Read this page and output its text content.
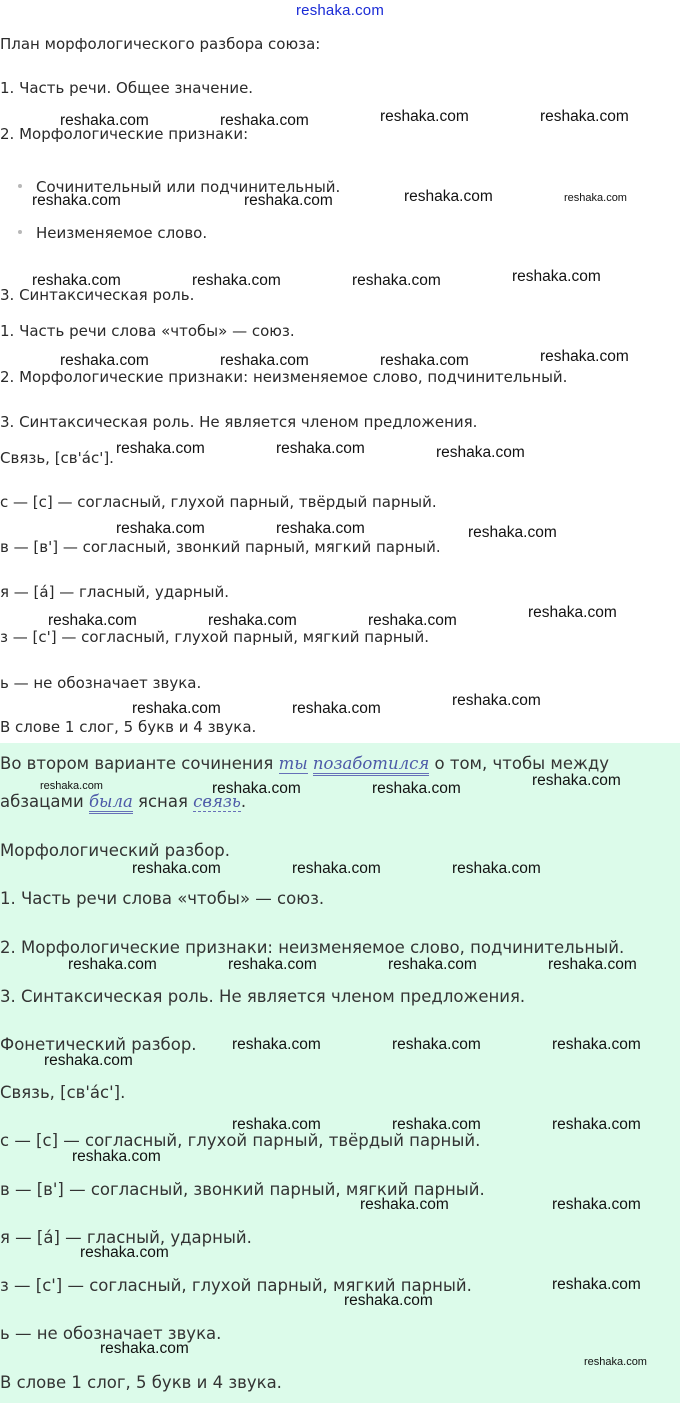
reshaka.com
План морфологического разбора союза:
1. Часть речи. Общее значение.
2. Морфологические признаки:
Сочинительный или подчинительный.
Неизменяемое слово.
3. Синтаксическая роль.
1. Часть речи слова «чтобы» — союз.
2. Морфологические признаки: неизменяемое слово, подчинительный.
3. Синтаксическая роль. Не является членом предложения.
Связь, [св'а́с'].
с — [с] — согласный, глухой парный, твёрдый парный.
в — [в'] — согласный, звонкий парный, мягкий парный.
я — [а́] — гласный, ударный.
з — [с'] — согласный, глухой парный, мягкий парный.
ь — не обозначает звука.
В слове 1 слог, 5 букв и 4 звука.
Во втором варианте сочинения ты позаботился о том, чтобы между
абзацами была ясная связь.
Морфологический разбор.
1. Часть речи слова «чтобы» — союз.
2. Морфологические признаки: неизменяемое слово, подчинительный.
3. Синтаксическая роль. Не является членом предложения.
Фонетический разбор.
Связь, [св'а́с'].
с — [с] — согласный, глухой парный, твёрдый парный.
в — [в'] — согласный, звонкий парный, мягкий парный.
я — [а́] — гласный, ударный.
з — [с'] — согласный, глухой парный, мягкий парный.
ь — не обозначает звука.
В слове 1 слог, 5 букв и 4 звука.
reshaka.com	reshaka.com	reshaka.com	reshaka.com
reshaka.com	reshaka.com	reshaka.com	reshaka.com
reshaka.com	reshaka.com	reshaka.com	reshaka.com
reshaka.com	reshaka.com	reshaka.com	reshaka.com
reshaka.com	reshaka.com	reshaka.com
reshaka.com	reshaka.com	reshaka.com
reshaka.com	reshaka.com	reshaka.com	reshaka.com
reshaka.com	reshaka.com	reshaka.com
reshaka.com	reshaka.com	reshaka.com	reshaka.com
reshaka.com	reshaka.com	reshaka.com
reshaka.com	reshaka.com	reshaka.com	reshaka.com
reshaka.com	reshaka.com	reshaka.com
reshaka.com
reshaka.com	reshaka.com	reshaka.com
reshaka.com
reshaka.com	reshaka.com
reshaka.com
reshaka.com
reshaka.com
reshaka.com
reshaka.com
